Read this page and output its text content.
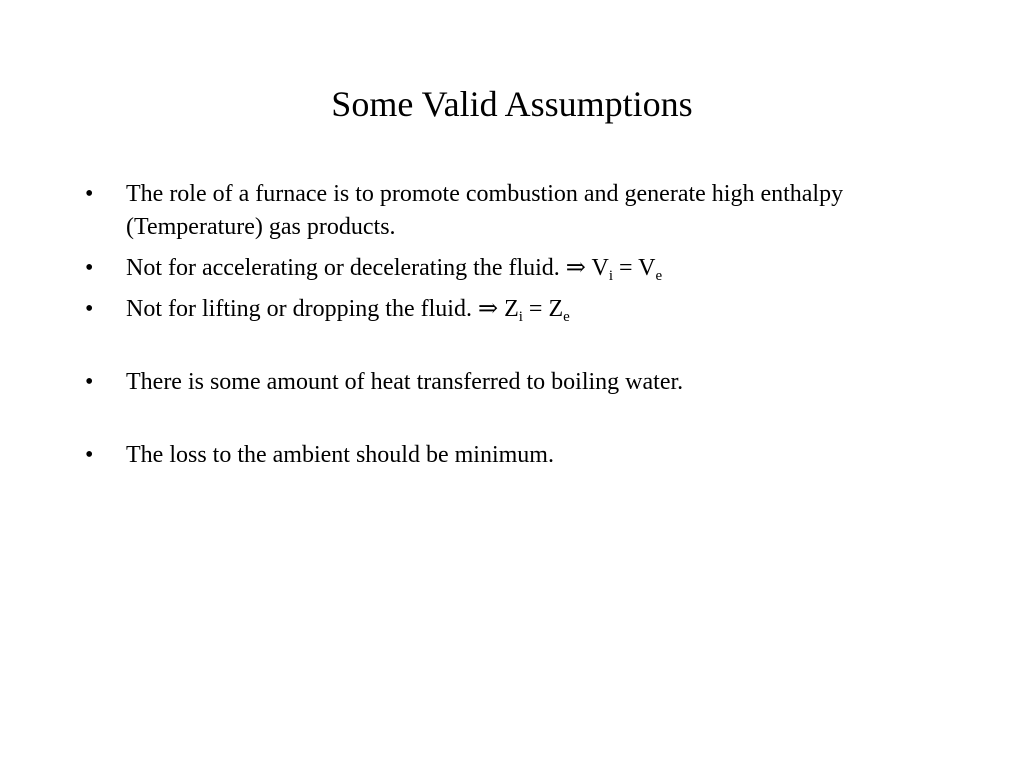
Some Valid Assumptions
• The role of a furnace is to promote combustion and generate high enthalpy (Temperature) gas products.
• Not for accelerating or decelerating the fluid. ⇒ $V_i = V_e$
• Not for lifting or dropping the fluid. ⇒ $Z_i = Z_e$
• There is some amount of heat transferred to boiling water.
• The loss to the ambient should be minimum.
